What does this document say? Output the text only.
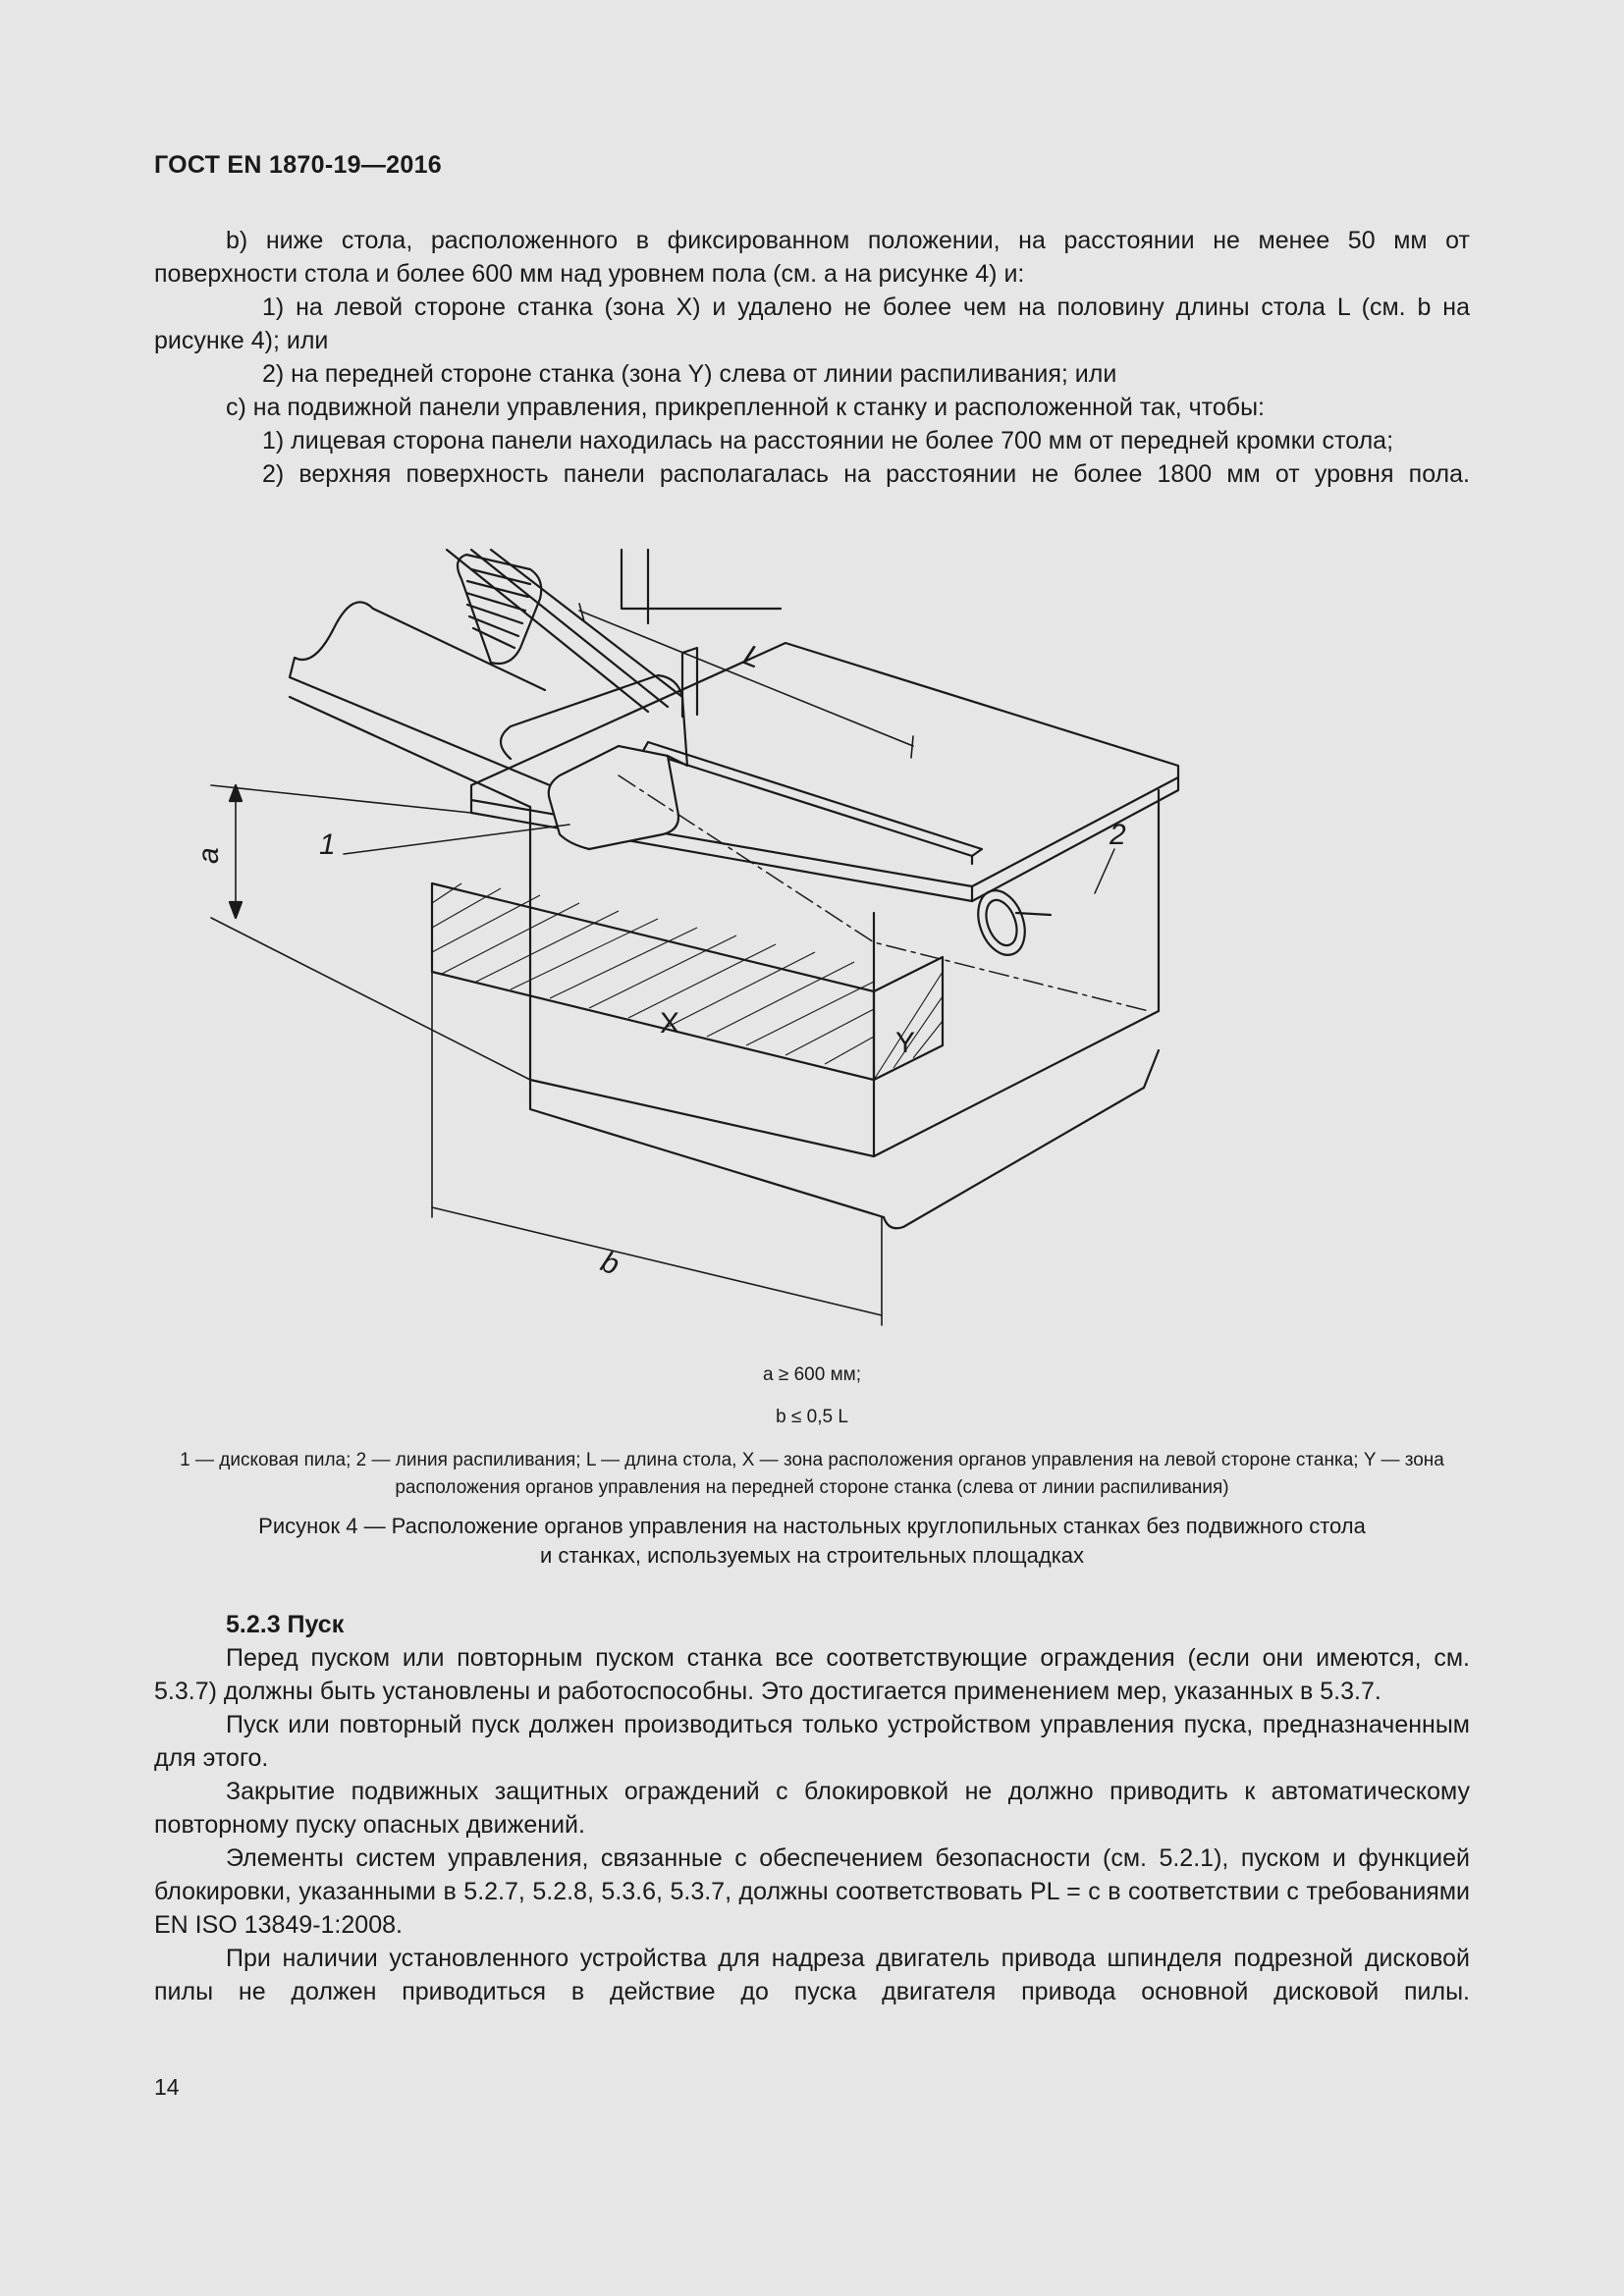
ГОСТ EN 1870-19—2016

b) ниже стола, расположенного в фиксированном положении, на расстоянии не менее 50 мм от поверхности стола и более 600 мм над уровнем пола (см. а на рисунке 4) и:

1) на левой стороне станка (зона X) и удалено не более чем на половину длины стола L (см. b на рисунке 4); или

2) на передней стороне станка (зона Y) слева от линии распиливания; или

c) на подвижной панели управления, прикрепленной к станку и расположенной так, чтобы:

1) лицевая сторона панели находилась на расстоянии не более 700 мм от передней кромки стола;

2) верхняя поверхность панели располагалась на расстоянии не более 1800 мм от уровня пола.

1	2
L
a
b
X
Y
a ≥ 600 мм;
b ≤ 0,5 L
1 — дисковая пила; 2 — линия распиливания; L — длина стола, X — зона расположения органов управления на левой стороне станка; Y — зона расположения органов управления на передней стороне станка (слева от линии распиливания)
Рисунок 4 — Расположение органов управления на настольных круглопильных станках без подвижного стола
и станках, используемых на строительных площадках

5.2.3 Пуск

Перед пуском или повторным пуском станка все соответствующие ограждения (если они имеются, см. 5.3.7) должны быть установлены и работоспособны. Это достигается применением мер, указанных в 5.3.7.

Пуск или повторный пуск должен производиться только устройством управления пуска, предназначенным для этого.

Закрытие подвижных защитных ограждений с блокировкой не должно приводить к автоматическому повторному пуску опасных движений.

Элементы систем управления, связанные с обеспечением безопасности (см. 5.2.1), пуском и функцией блокировки, указанными в 5.2.7, 5.2.8, 5.3.6, 5.3.7, должны соответствовать PL = с в соответствии с требованиями EN ISO 13849-1:2008.

При наличии установленного устройства для надреза двигатель привода шпинделя подрезной дисковой пилы не должен приводиться в действие до пуска двигателя привода основной дисковой пилы.

14
